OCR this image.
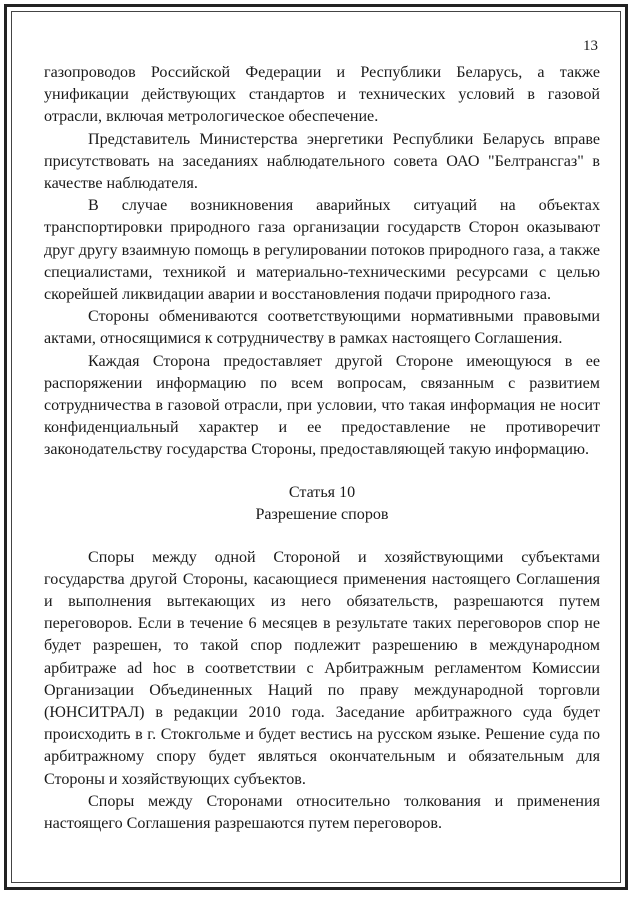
13

газопроводов Российской Федерации и Республики Беларусь, а также унификации действующих стандартов и технических условий в газовой отрасли, включая метрологическое обеспечение.

Представитель Министерства энергетики Республики Беларусь вправе присутствовать на заседаниях наблюдательного совета ОАО "Белтрансгаз" в качестве наблюдателя.

В случае возникновения аварийных ситуаций на объектах транспортировки природного газа организации государств Сторон оказывают друг другу взаимную помощь в регулировании потоков природного газа, а также специалистами, техникой и материально-техническими ресурсами с целью скорейшей ликвидации аварии и восстановления подачи природного газа.

Стороны обмениваются соответствующими нормативными правовыми актами, относящимися к сотрудничеству в рамках настоящего Соглашения.

Каждая Сторона предоставляет другой Стороне имеющуюся в ее распоряжении информацию по всем вопросам, связанным с развитием сотрудничества в газовой отрасли, при условии, что такая информация не носит конфиденциальный характер и ее предоставление не противоречит законодательству государства Стороны, предоставляющей такую информацию.

Статья 10
Разрешение споров

Споры между одной Стороной и хозяйствующими субъектами государства другой Стороны, касающиеся применения настоящего Соглашения и выполнения вытекающих из него обязательств, разрешаются путем переговоров. Если в течение 6 месяцев в результате таких переговоров спор не будет разрешен, то такой спор подлежит разрешению в международном арбитраже ad hoc в соответствии с Арбитражным регламентом Комиссии Организации Объединенных Наций по праву международной торговли (ЮНСИТРАЛ) в редакции 2010 года. Заседание арбитражного суда будет происходить в г. Стокгольме и будет вестись на русском языке. Решение суда по арбитражному спору будет являться окончательным и обязательным для Стороны и хозяйствующих субъектов.

Споры между Сторонами относительно толкования и применения настоящего Соглашения разрешаются путем переговоров.
